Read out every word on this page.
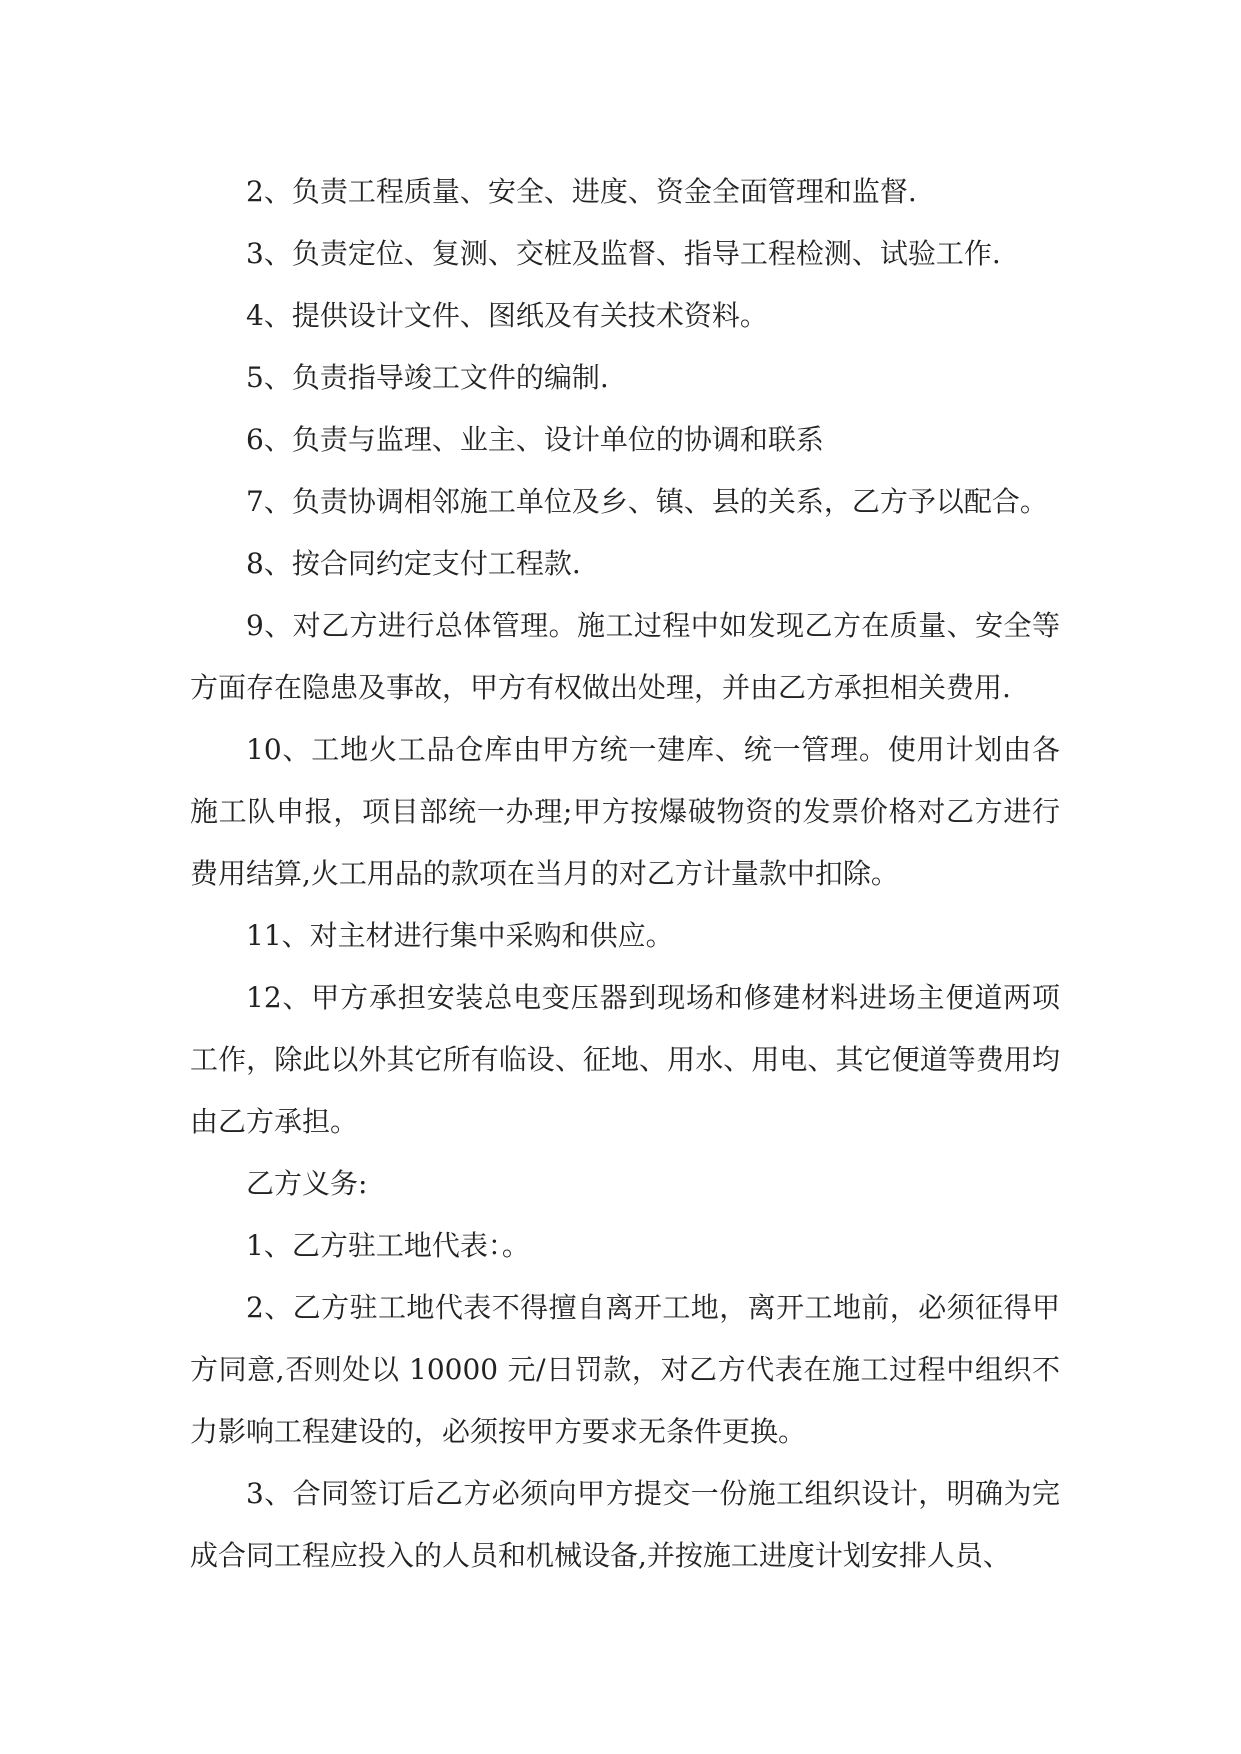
2、负责工程质量、安全、进度、资金全面管理和监督.

3、负责定位、复测、交桩及监督、指导工程检测、试验工作.

4、提供设计文件、图纸及有关技术资料。

5、负责指导竣工文件的编制.

6、负责与监理、业主、设计单位的协调和联系

7、负责协调相邻施工单位及乡、镇、县的关系，乙方予以配合。

8、按合同约定支付工程款.

9、对乙方进行总体管理。施工过程中如发现乙方在质量、安全等方面存在隐患及事故，甲方有权做出处理，并由乙方承担相关费用.

10、工地火工品仓库由甲方统一建库、统一管理。使用计划由各施工队申报，项目部统一办理;甲方按爆破物资的发票价格对乙方进行费用结算,火工用品的款项在当月的对乙方计量款中扣除。

11、对主材进行集中采购和供应。

12、甲方承担安装总电变压器到现场和修建材料进场主便道两项工作，除此以外其它所有临设、征地、用水、用电、其它便道等费用均由乙方承担。

乙方义务:

1、乙方驻工地代表：。

2、乙方驻工地代表不得擅自离开工地，离开工地前，必须征得甲方同意,否则处以 10000 元/日罚款，对乙方代表在施工过程中组织不力影响工程建设的，必须按甲方要求无条件更换。

3、合同签订后乙方必须向甲方提交一份施工组织设计，明确为完成合同工程应投入的人员和机械设备,并按施工进度计划安排人员、
